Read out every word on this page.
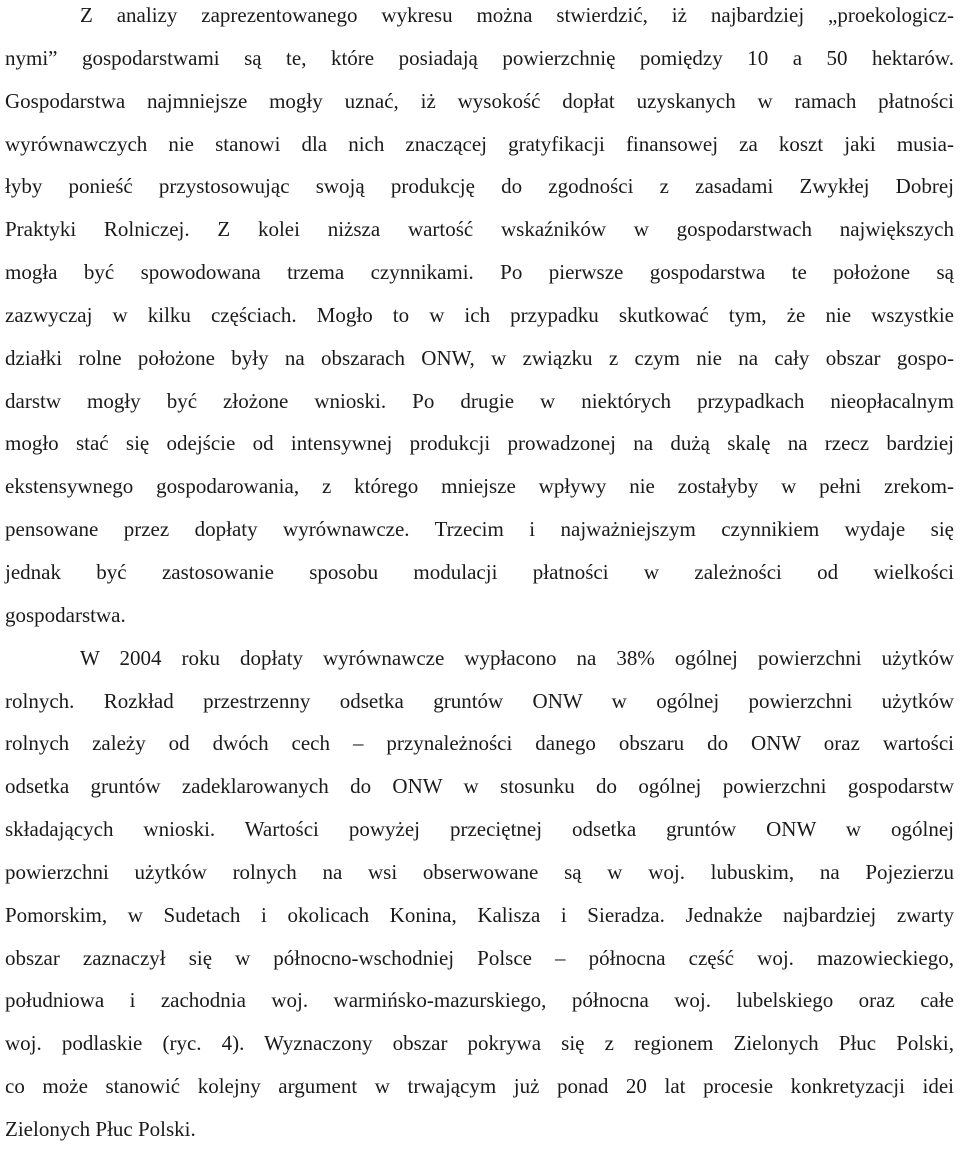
Z analizy zaprezentowanego wykresu można stwierdzić, iż najbardziej „proekologicz-
nymi” gospodarstwami są te, które posiadają powierzchnię pomiędzy 10 a 50 hektarów.
Gospodarstwa najmniejsze mogły uznać, iż wysokość dopłat uzyskanych w ramach płatności
wyrównawczych nie stanowi dla nich znaczącej gratyfikacji finansowej za koszt jaki musia-
łyby ponieść przystosowując swoją produkcję do zgodności z zasadami Zwykłej Dobrej
Praktyki Rolniczej. Z kolei niższa wartość wskaźników w gospodarstwach największych
mogła być spowodowana trzema czynnikami. Po pierwsze gospodarstwa te położone są
zazwyczaj w kilku częściach. Mogło to w ich przypadku skutkować tym, że nie wszystkie
działki rolne położone były na obszarach ONW, w związku z czym nie na cały obszar gospo-
darstw mogły być złożone wnioski. Po drugie w niektórych przypadkach nieopłacalnym
mogło stać się odejście od intensywnej produkcji prowadzonej na dużą skalę na rzecz bardziej
ekstensywnego gospodarowania, z którego mniejsze wpływy nie zostałyby w pełni zrekom-
pensowane przez dopłaty wyrównawcze. Trzecim i najważniejszym czynnikiem wydaje się
jednak być zastosowanie sposobu modulacji płatności w zależności od wielkości
gospodarstwa.
W 2004 roku dopłaty wyrównawcze wypłacono na 38% ogólnej powierzchni użytków
rolnych. Rozkład przestrzenny odsetka gruntów ONW w ogólnej powierzchni użytków
rolnych zależy od dwóch cech – przynależności danego obszaru do ONW oraz wartości
odsetka gruntów zadeklarowanych do ONW w stosunku do ogólnej powierzchni gospodarstw
składających wnioski. Wartości powyżej przeciętnej odsetka gruntów ONW w ogólnej
powierzchni użytków rolnych na wsi obserwowane są w woj. lubuskim, na Pojezierzu
Pomorskim, w Sudetach i okolicach Konina, Kalisza i Sieradza. Jednakże najbardziej zwarty
obszar zaznaczył się w północno-wschodniej Polsce – północna część woj. mazowieckiego,
południowa i zachodnia woj. warmińsko-mazurskiego, północna woj. lubelskiego oraz całe
woj. podlaskie (ryc. 4). Wyznaczony obszar pokrywa się z regionem Zielonych Płuc Polski,
co może stanowić kolejny argument w trwającym już ponad 20 lat procesie konkretyzacji idei
Zielonych Płuc Polski.
